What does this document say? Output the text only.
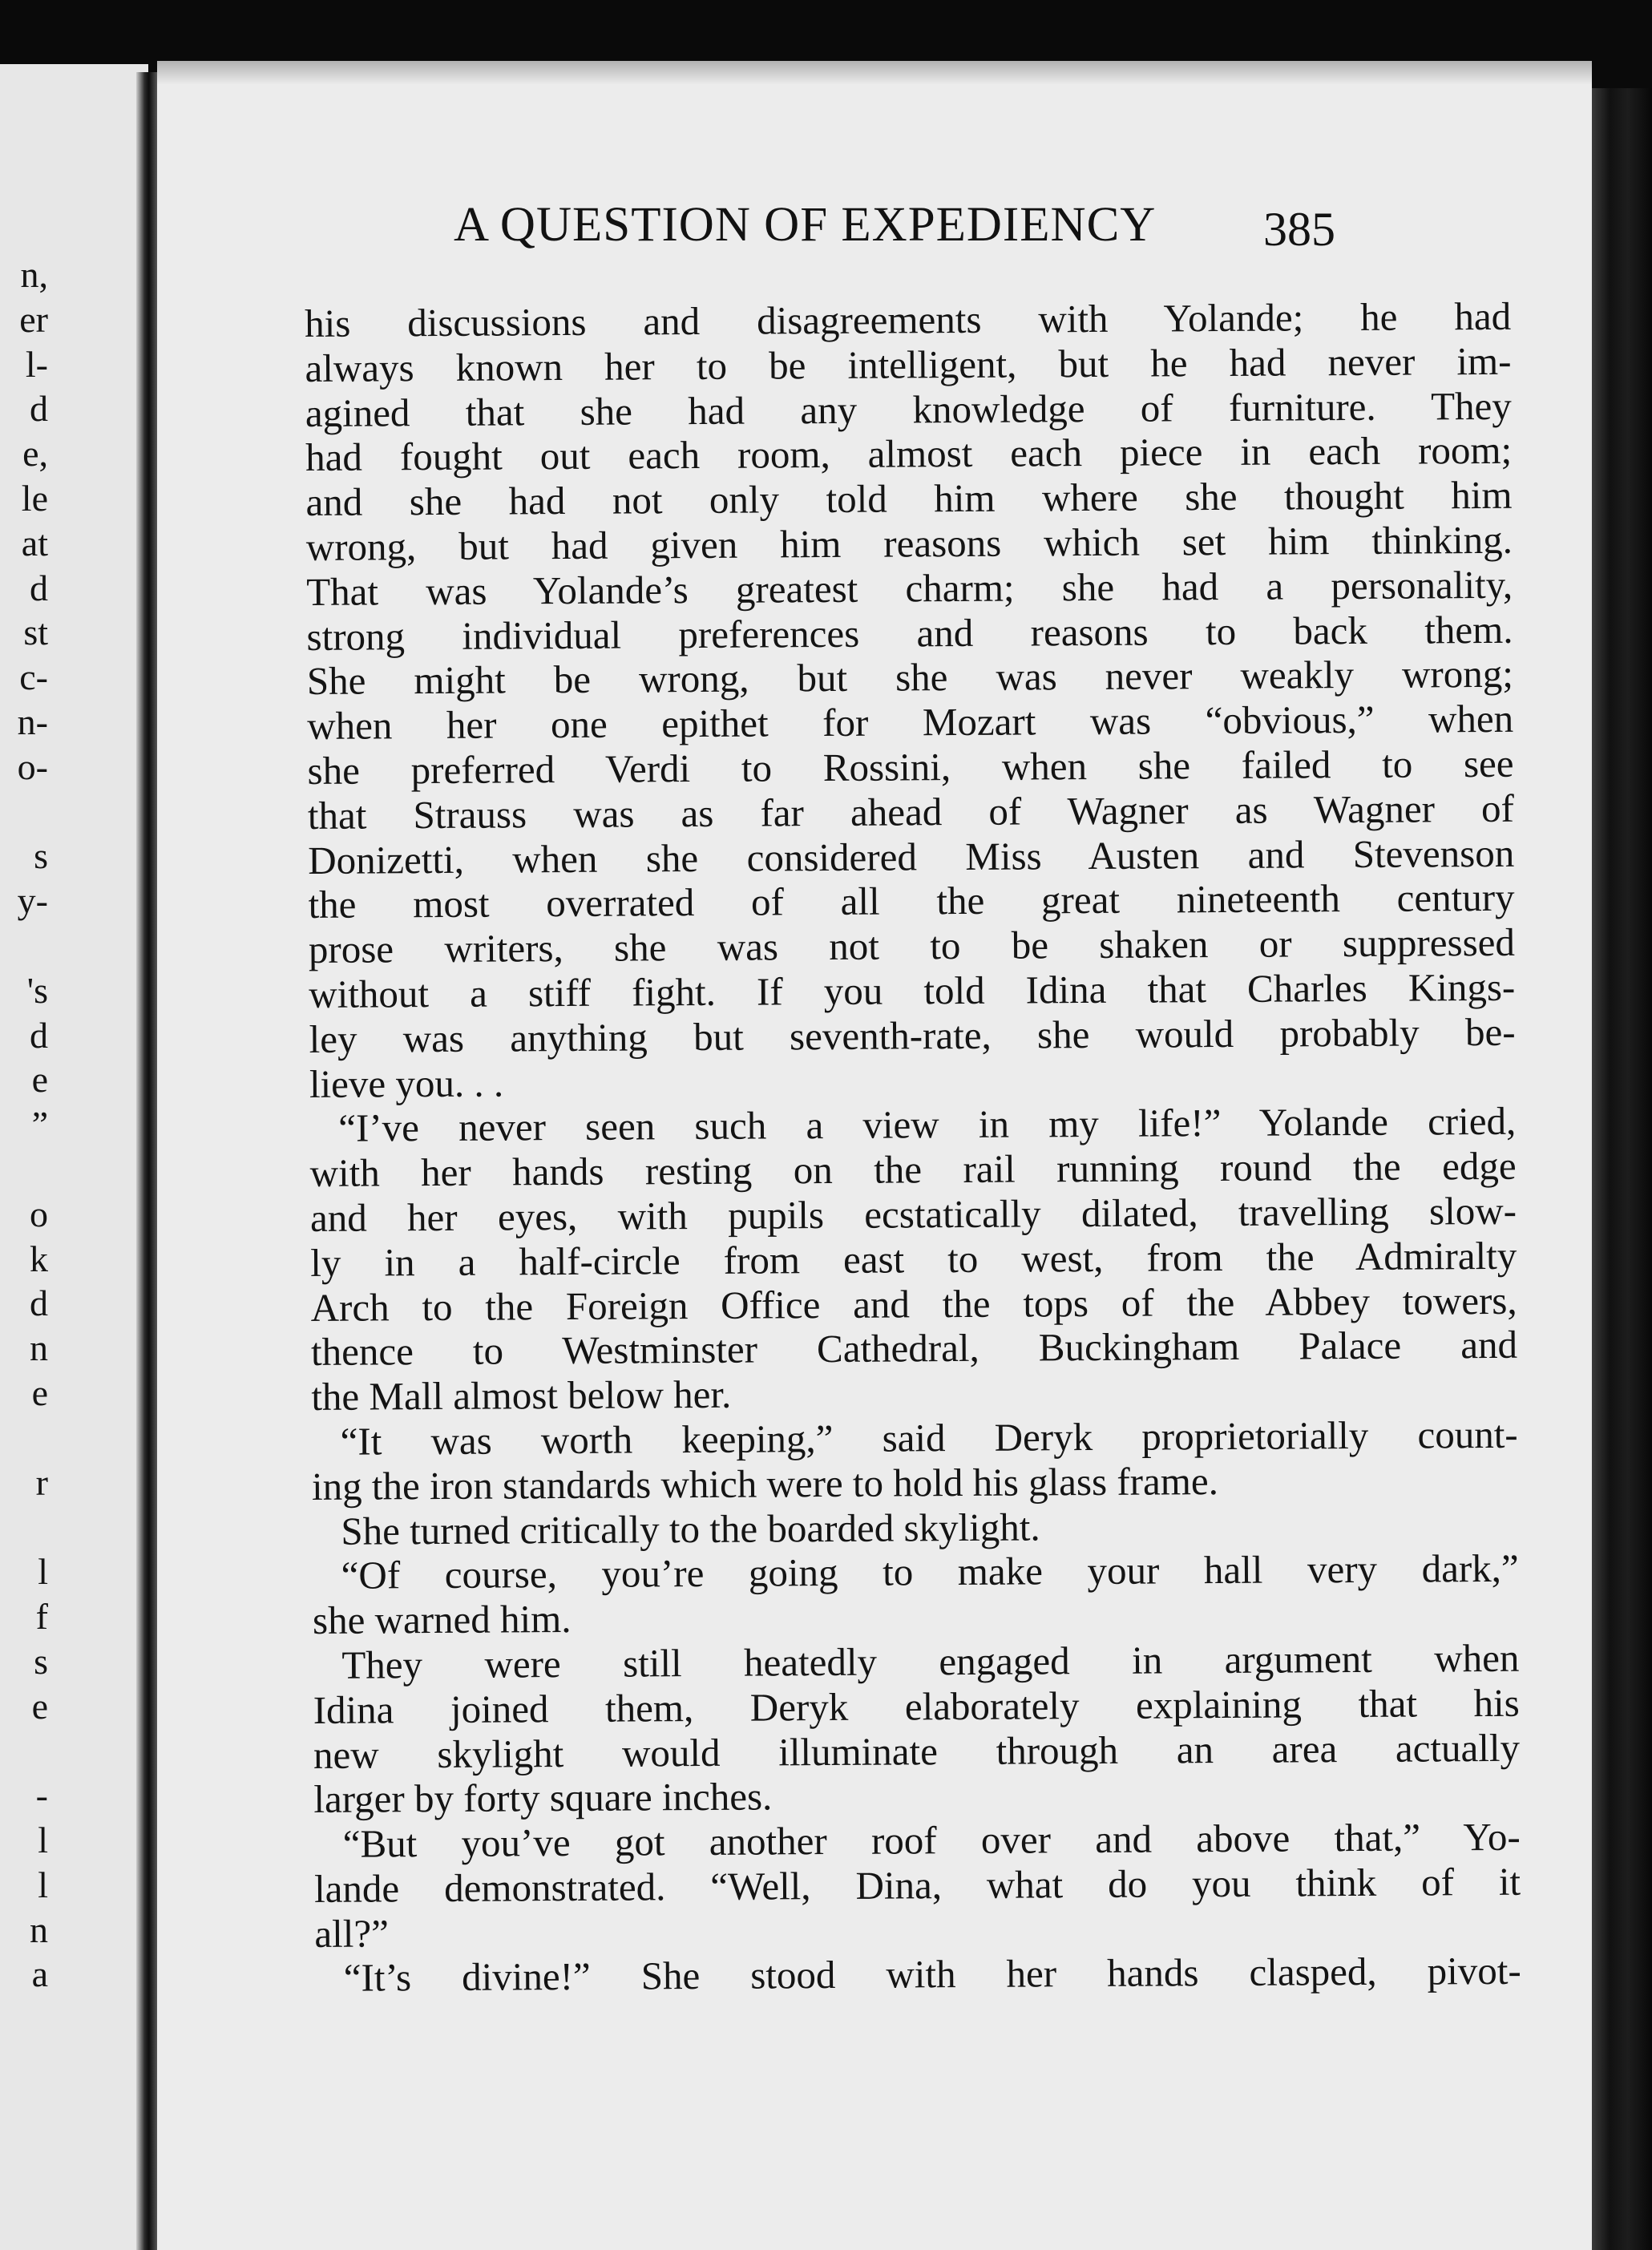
n,
er
l-
d
e,
le
at
d
st
c-
n-
o-
s
y-
's
d
e
”
o
k
d
n
e
r
l
f
s
e
-
l
l
n
a
A QUESTION OF EXPEDIENCY 385
his discussions and disagreements with Yolande; he had
always known her to be intelligent, but he had never im-
agined that she had any knowledge of furniture. They
had fought out each room, almost each piece in each room;
and she had not only told him where she thought him
wrong, but had given him reasons which set him thinking.
That was Yolande’s greatest charm; she had a personality,
strong individual preferences and reasons to back them.
She might be wrong, but she was never weakly wrong;
when her one epithet for Mozart was “obvious,” when
she preferred Verdi to Rossini, when she failed to see
that Strauss was as far ahead of Wagner as Wagner of
Donizetti, when she considered Miss Austen and Stevenson
the most overrated of all the great nineteenth century
prose writers, she was not to be shaken or suppressed
without a stiff fight. If you told Idina that Charles Kings-
ley was anything but seventh-rate, she would probably be-
lieve you. . .
“I’ve never seen such a view in my life!” Yolande cried,
with her hands resting on the rail running round the edge
and her eyes, with pupils ecstatically dilated, travelling slow-
ly in a half-circle from east to west, from the Admiralty
Arch to the Foreign Office and the tops of the Abbey towers,
thence to Westminster Cathedral, Buckingham Palace and
the Mall almost below her.
“It was worth keeping,” said Deryk proprietorially count-
ing the iron standards which were to hold his glass frame.
She turned critically to the boarded skylight.
“Of course, you’re going to make your hall very dark,”
she warned him.
They were still heatedly engaged in argument when
Idina joined them, Deryk elaborately explaining that his
new skylight would illuminate through an area actually
larger by forty square inches.
“But you’ve got another roof over and above that,” Yo-
lande demonstrated. “Well, Dina, what do you think of it
all?”
“It’s divine!” She stood with her hands clasped, pivot-
